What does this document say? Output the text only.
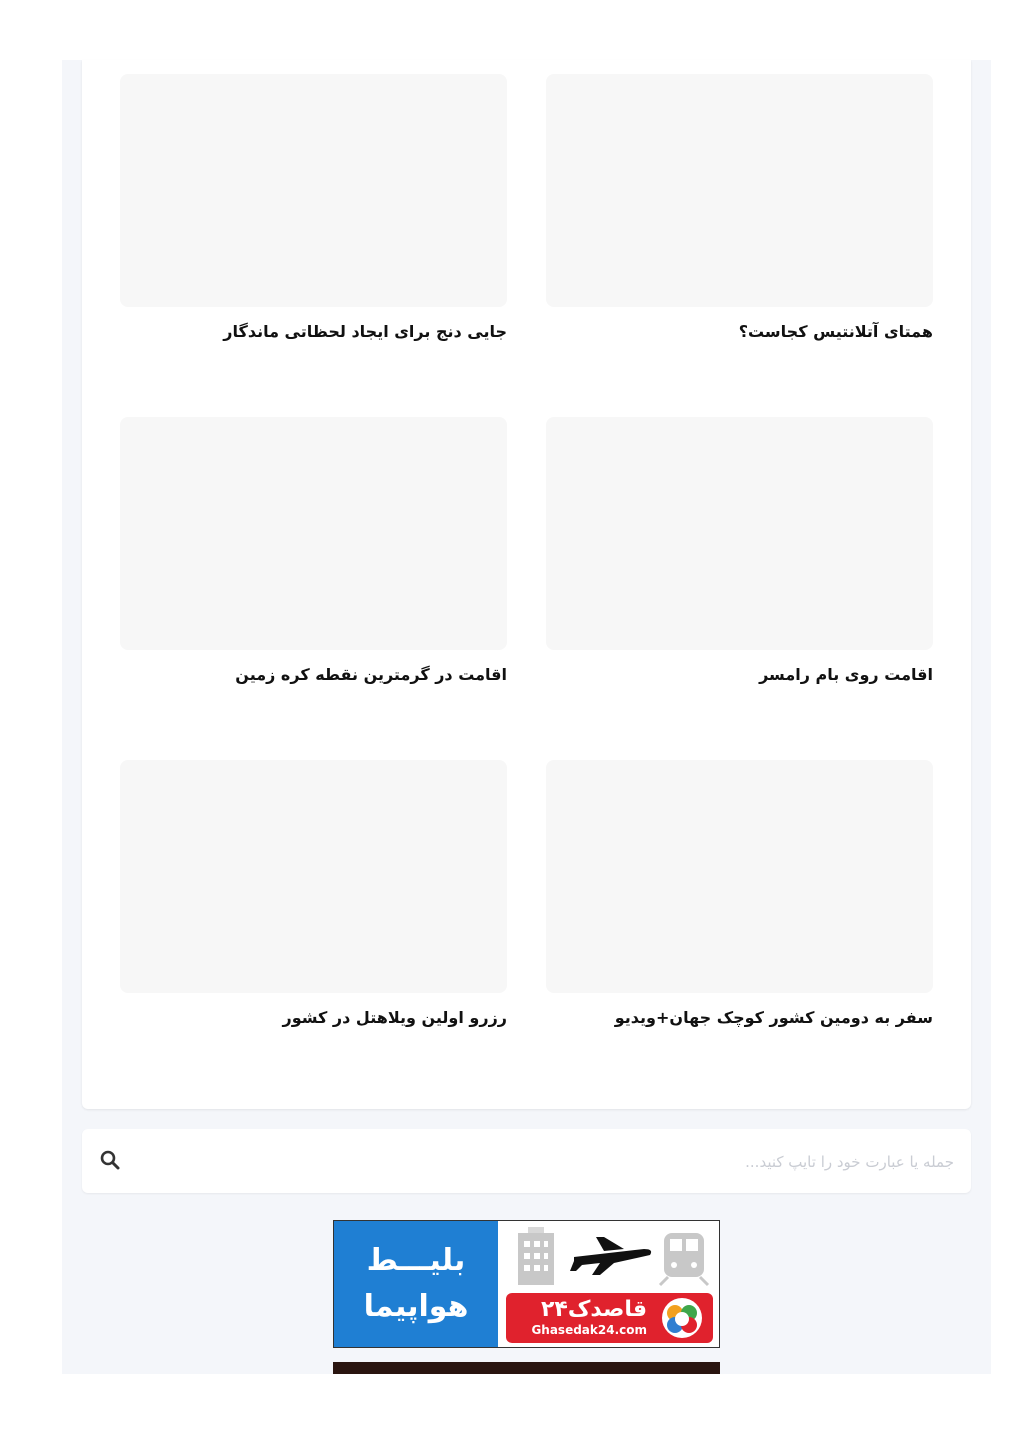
همتای آتلانتیس کجاست؟
جایی دنج برای ایجاد لحظاتی ماندگار
اقامت روی بام رامسر
اقامت در گرمترین نقطه کره زمین
سفر به دومین کشور کوچک جهان+ویدیو
رزرو اولین ویلاهتل در کشور
جمله یا عبارت خود را تایپ کنید...
بلیـــط
هواپیما	قاصدک۲۴
Ghasedak24.com
